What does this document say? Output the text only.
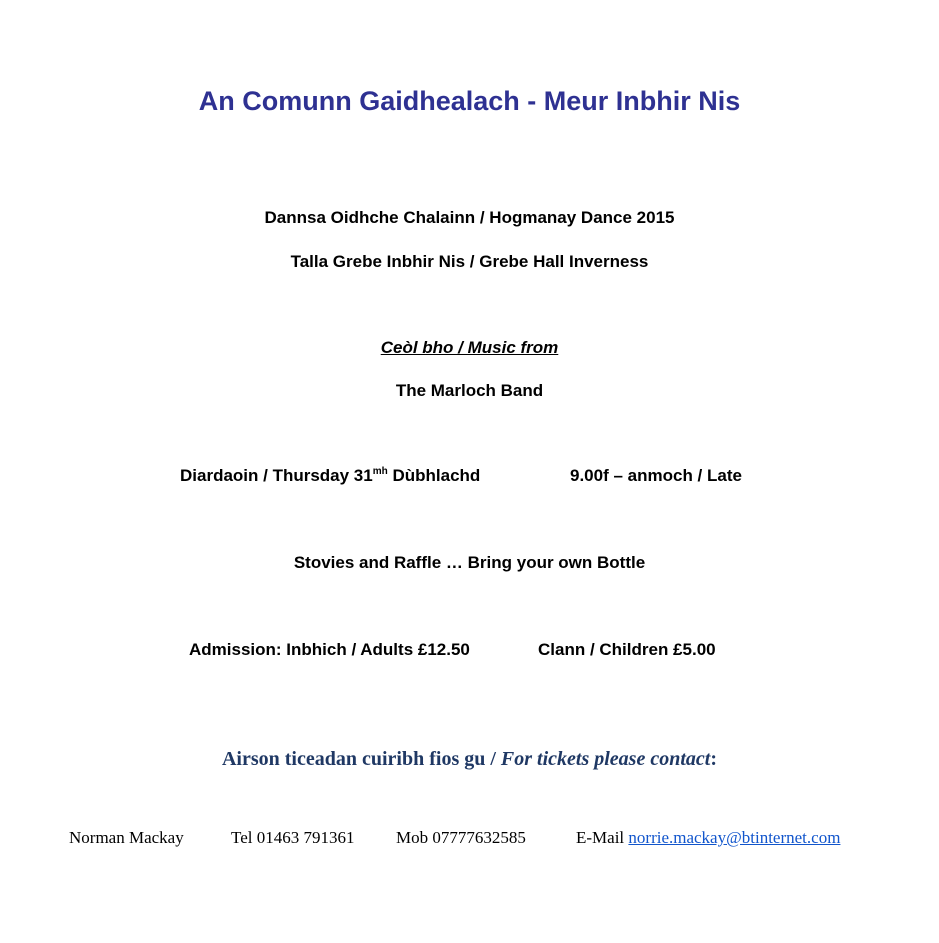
An Comunn Gaidhealach - Meur Inbhir Nis
Dannsa Oidhche Chalainn / Hogmanay Dance 2015
Talla Grebe Inbhir Nis / Grebe Hall Inverness
Ceòl bho / Music from
The Marloch Band
Diardaoin / Thursday $31^{mh}$ Dùbhlachd	9.00f – anmoch / Late
Stovies and Raffle … Bring your own Bottle
Admission: Inbhich / Adults £12.50	Clann / Children £5.00
Airson ticeadan cuiribh fios gu / For tickets please contact:
Norman Mackay	Tel 01463 791361 Mob 07777632585	E-Mail norrie.mackay@btinternet.com
